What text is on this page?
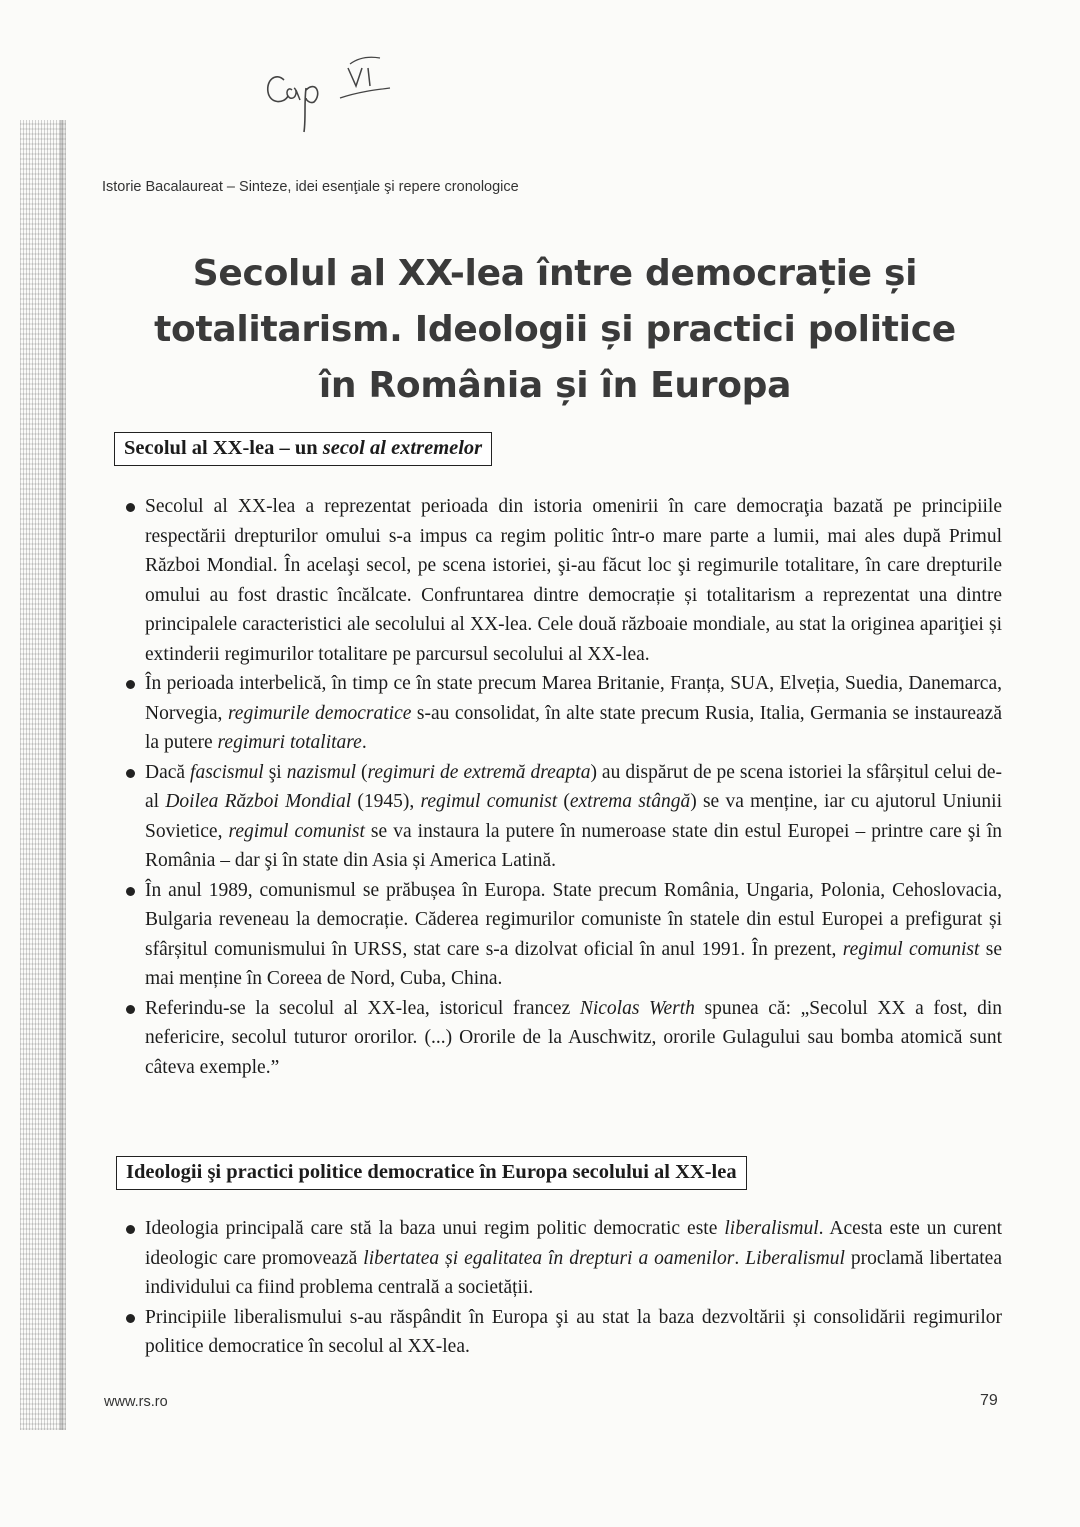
Istorie Bacalaureat – Sinteze, idei esenţiale şi repere cronologice
Secolul al XX-lea între democrație și
totalitarism. Ideologii și practici politice
în România și în Europa
Secolul al XX-lea – un secol al extremelor
Secolul al XX-lea a reprezentat perioada din istoria omenirii în care democraţia bazată pe principiile respectării drepturilor omului s-a impus ca regim politic într-o mare parte a lumii, mai ales după Primul Război Mondial. În acelaşi secol, pe scena istoriei, şi-au făcut loc şi regimurile totalitare, în care drepturile omului au fost drastic încălcate. Confruntarea dintre democrație și totalitarism a reprezentat una dintre principalele caracteristici ale secolului al XX-lea. Cele două războaie mondiale, au stat la originea apariţiei și extinderii regimurilor totalitare pe parcursul secolului al XX-lea.
În perioada interbelică, în timp ce în state precum Marea Britanie, Franța, SUA, Elveția, Suedia, Danemarca, Norvegia, regimurile democratice s-au consolidat, în alte state precum Rusia, Italia, Germania se instaurează la putere regimuri totalitare.
Dacă fascismul şi nazismul (regimuri de extremă dreapta) au dispărut de pe scena istoriei la sfârșitul celui de-al Doilea Război Mondial (1945), regimul comunist (extrema stângă) se va menține, iar cu ajutorul Uniunii Sovietice, regimul comunist se va instaura la putere în numeroase state din estul Europei – printre care şi în România – dar şi în state din Asia și America Latină.
În anul 1989, comunismul se prăbușea în Europa. State precum România, Ungaria, Polonia, Cehoslovacia, Bulgaria reveneau la democrație. Căderea regimurilor comuniste în statele din estul Europei a prefigurat și sfârșitul comunismului în URSS, stat care s-a dizolvat oficial în anul 1991. În prezent, regimul comunist se mai menține în Coreea de Nord, Cuba, China.
Referindu-se la secolul al XX-lea, istoricul francez Nicolas Werth spunea că: „Secolul XX a fost, din nefericire, secolul tuturor ororilor. (...) Ororile de la Auschwitz, ororile Gulagului sau bomba atomică sunt câteva exemple.”
Ideologii şi practici politice democratice în Europa secolului al XX-lea
Ideologia principală care stă la baza unui regim politic democratic este liberalismul. Acesta este un curent ideologic care promovează libertatea și egalitatea în drepturi a oamenilor. Liberalismul proclamă libertatea individului ca fiind problema centrală a societății.
Principiile liberalismului s-au răspândit în Europa şi au stat la baza dezvoltării și consolidării regimurilor politice democratice în secolul al XX-lea.
www.rs.ro	79
